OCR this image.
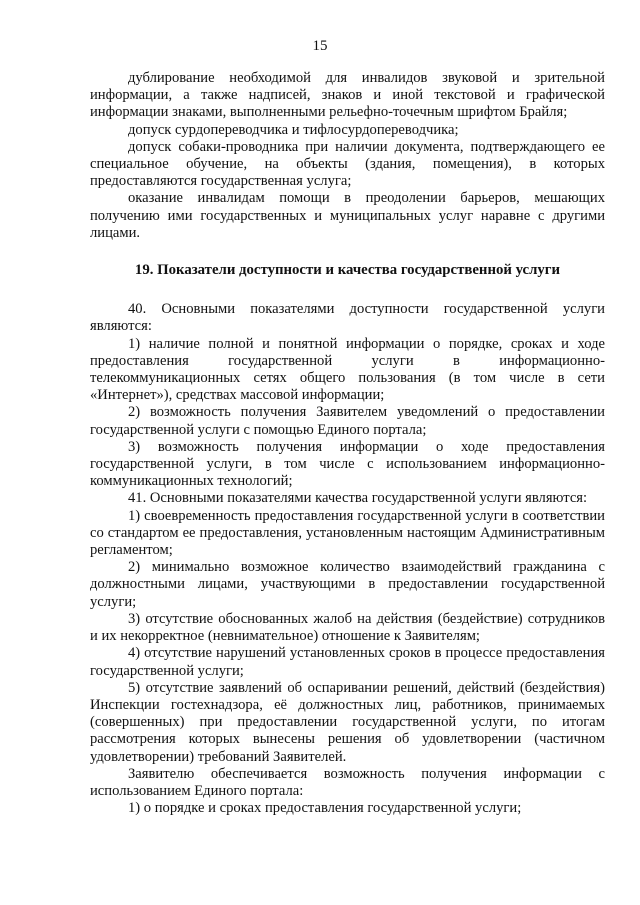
15

дублирование необходимой для инвалидов звуковой и зрительной информации, а также надписей, знаков и иной текстовой и графической информации знаками, выполненными рельефно-точечным шрифтом Брайля;

допуск сурдопереводчика и тифлосурдопереводчика;

допуск собаки-проводника при наличии документа, подтверждающего ее специальное обучение, на объекты (здания, помещения), в которых предоставляются государственная услуга;

оказание инвалидам помощи в преодолении барьеров, мешающих получению ими государственных и муниципальных услуг наравне с другими лицами.

19. Показатели доступности и качества государственной услуги

40. Основными показателями доступности государственной услуги являются:

1) наличие полной и понятной информации о порядке, сроках и ходе предоставления государственной услуги в информационно-телекоммуникационных сетях общего пользования (в том числе в сети «Интернет»), средствах массовой информации;

2) возможность получения Заявителем уведомлений о предоставлении государственной услуги с помощью Единого портала;

3) возможность получения информации о ходе предоставления государственной услуги, в том числе с использованием информационно-коммуникационных технологий;

41. Основными показателями качества государственной услуги являются:

1) своевременность предоставления государственной услуги в соответствии со стандартом ее предоставления, установленным настоящим Административным регламентом;

2) минимально возможное количество взаимодействий гражданина с должностными лицами, участвующими в предоставлении государственной услуги;

3) отсутствие обоснованных жалоб на действия (бездействие) сотрудников и их некорректное (невнимательное) отношение к Заявителям;

4) отсутствие нарушений установленных сроков в процессе предоставления государственной услуги;

5) отсутствие заявлений об оспаривании решений, действий (бездействия) Инспекции гостехнадзора, её должностных лиц, работников, принимаемых (совершенных) при предоставлении государственной услуги, по итогам рассмотрения которых вынесены решения об удовлетворении (частичном удовлетворении) требований Заявителей.

Заявителю обеспечивается возможность получения информации с использованием Единого портала:

1) о порядке и сроках предоставления государственной услуги;
